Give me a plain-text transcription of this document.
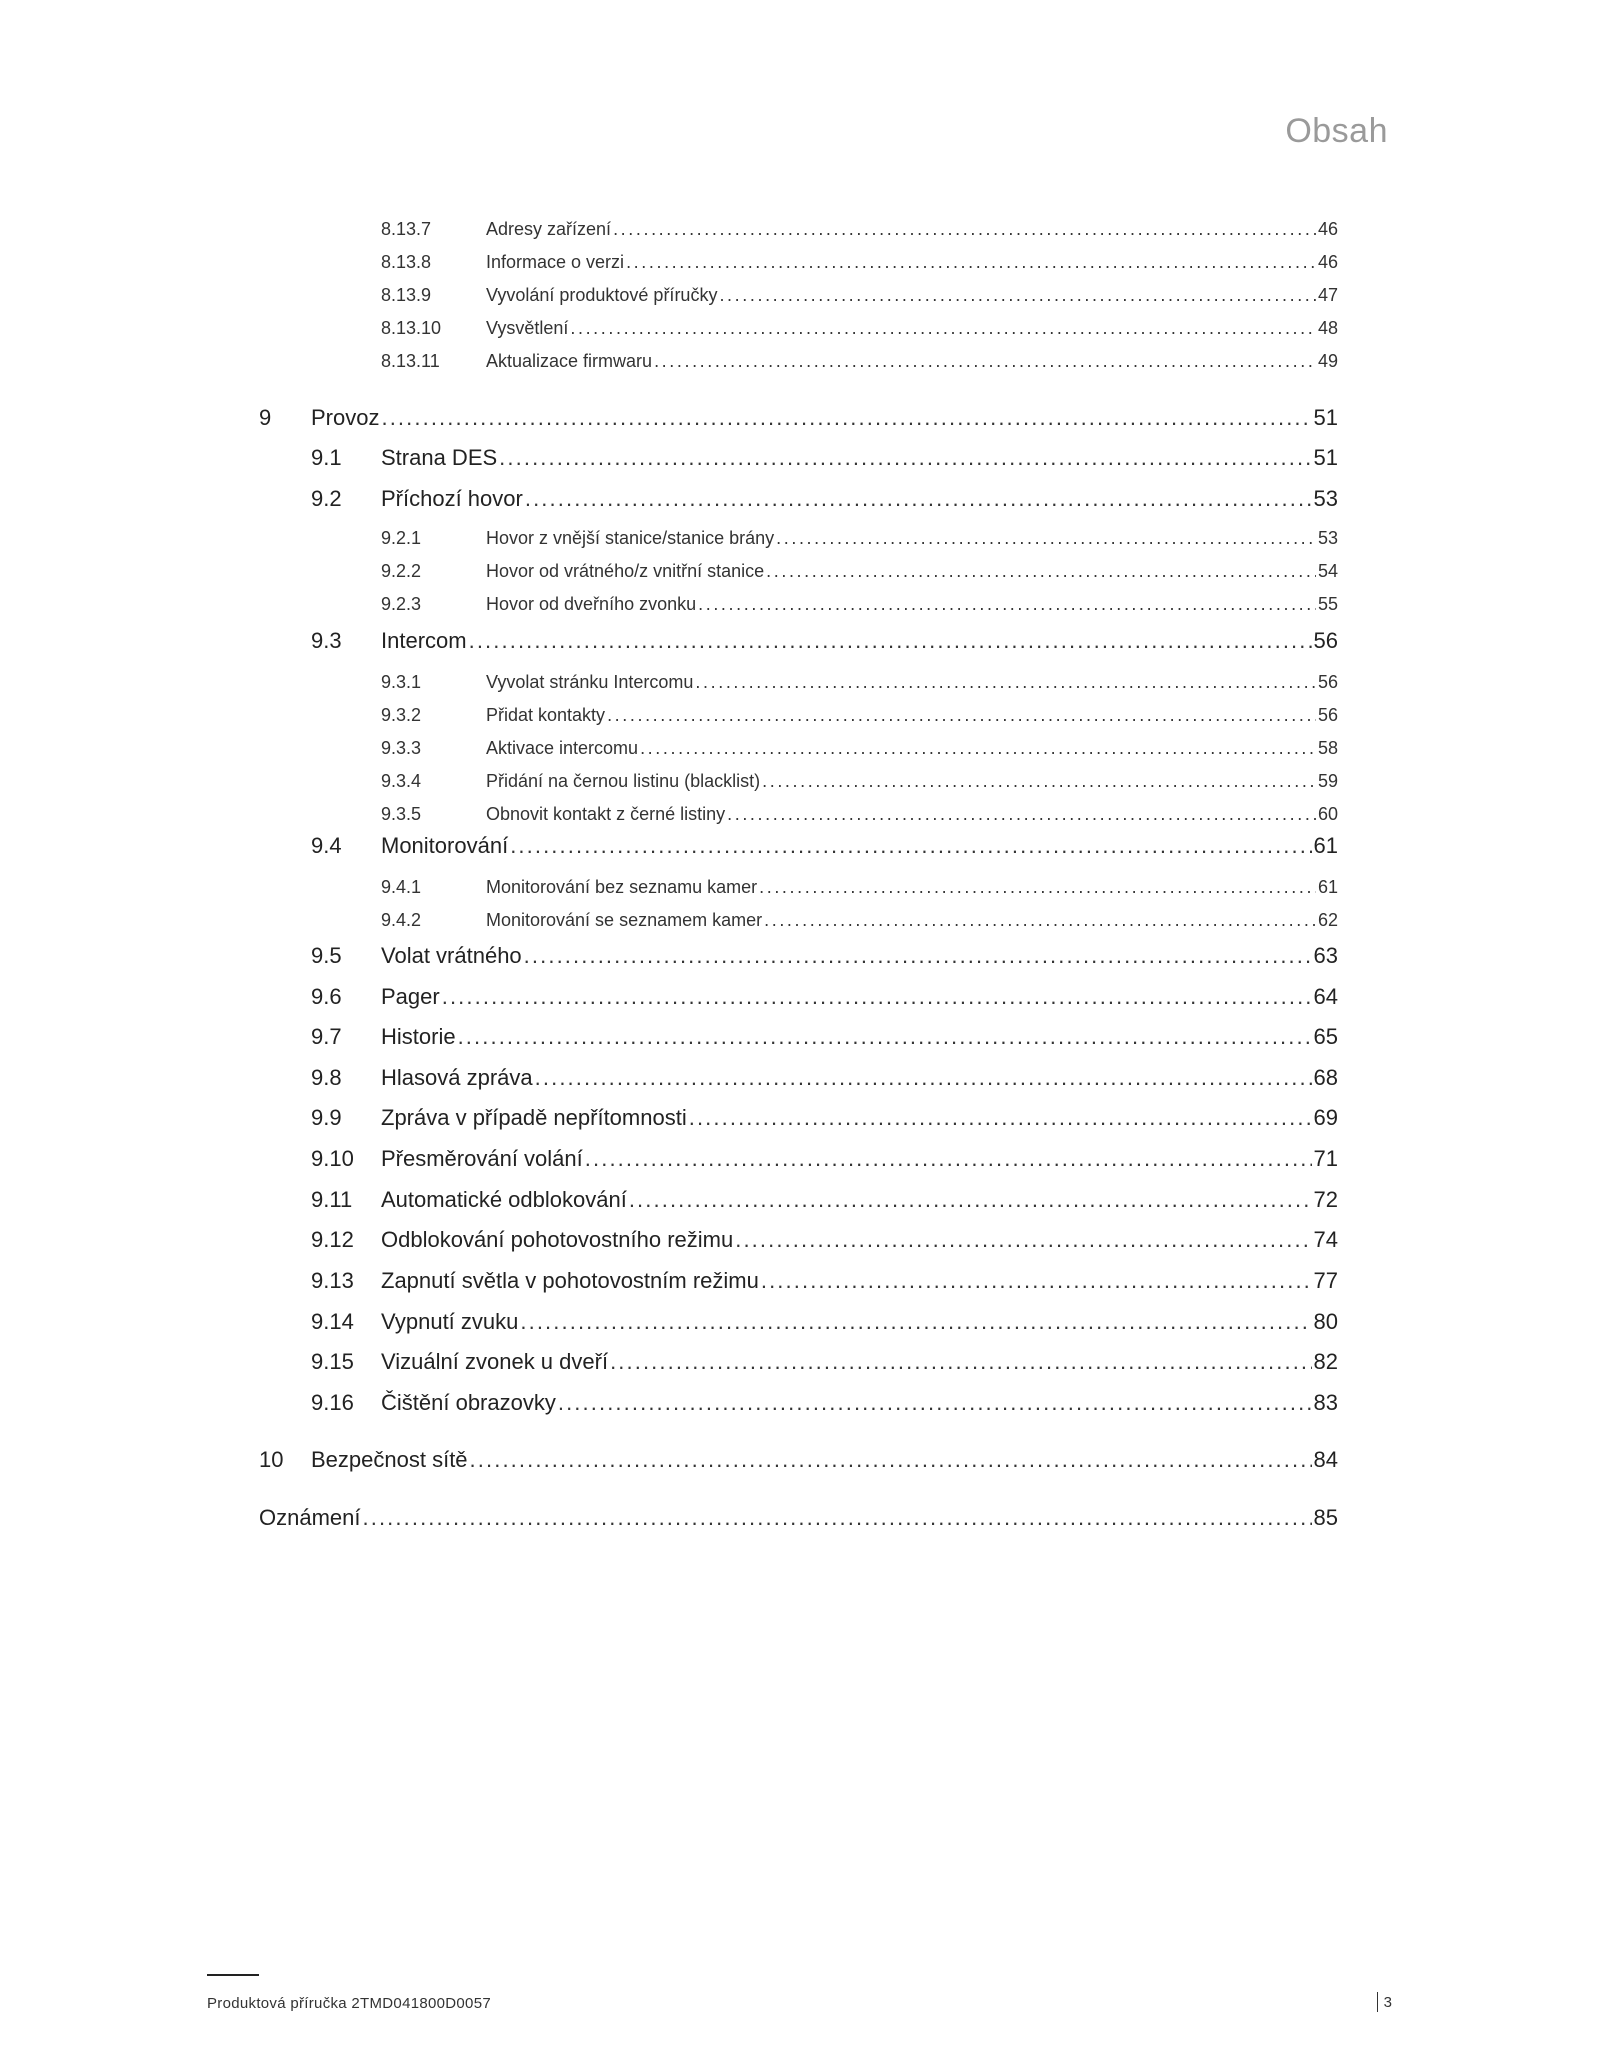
Obsah
8.13.7	Adresy zařízení . . .	46
8.13.8	Informace o verzi . . .	46
8.13.9	Vyvolání produktové příručky . . .	47
8.13.10	Vysvětlení . . .	48
8.13.11	Aktualizace firmwaru . . .	49
9	Provoz . . .	51
9.1	Strana DES . . .	51
9.2	Příchozí hovor . . .	53
9.2.1	Hovor z vnější stanice/stanice brány . . .	53
9.2.2	Hovor od vrátného/z vnitřní stanice . . .	54
9.2.3	Hovor od dveřního zvonku . . .	55
9.3	Intercom . . .	56
9.3.1	Vyvolat stránku Intercomu . . .	56
9.3.2	Přidat kontakty . . .	56
9.3.3	Aktivace intercomu . . .	58
9.3.4	Přidání na černou listinu (blacklist) . . .	59
9.3.5	Obnovit kontakt z černé listiny . . .	60
9.4	Monitorování . . .	61
9.4.1	Monitorování bez seznamu kamer . . .	61
9.4.2	Monitorování se seznamem kamer . . .	62
9.5	Volat vrátného . . .	63
9.6	Pager . . .	64
9.7	Historie . . .	65
9.8	Hlasová zpráva . . .	68
9.9	Zpráva v případě nepřítomnosti . . .	69
9.10	Přesměrování volání . . .	71
9.11	Automatické odblokování . . .	72
9.12	Odblokování pohotovostního režimu . . .	74
9.13	Zapnutí světla v pohotovostním režimu . . .	77
9.14	Vypnutí zvuku . . .	80
9.15	Vizuální zvonek u dveří . . .	82
9.16	Čištění obrazovky . . .	83
10	Bezpečnost sítě . . .	84
Oznámení . . .	85
Produktová příručka 2TMD041800D0057	3
